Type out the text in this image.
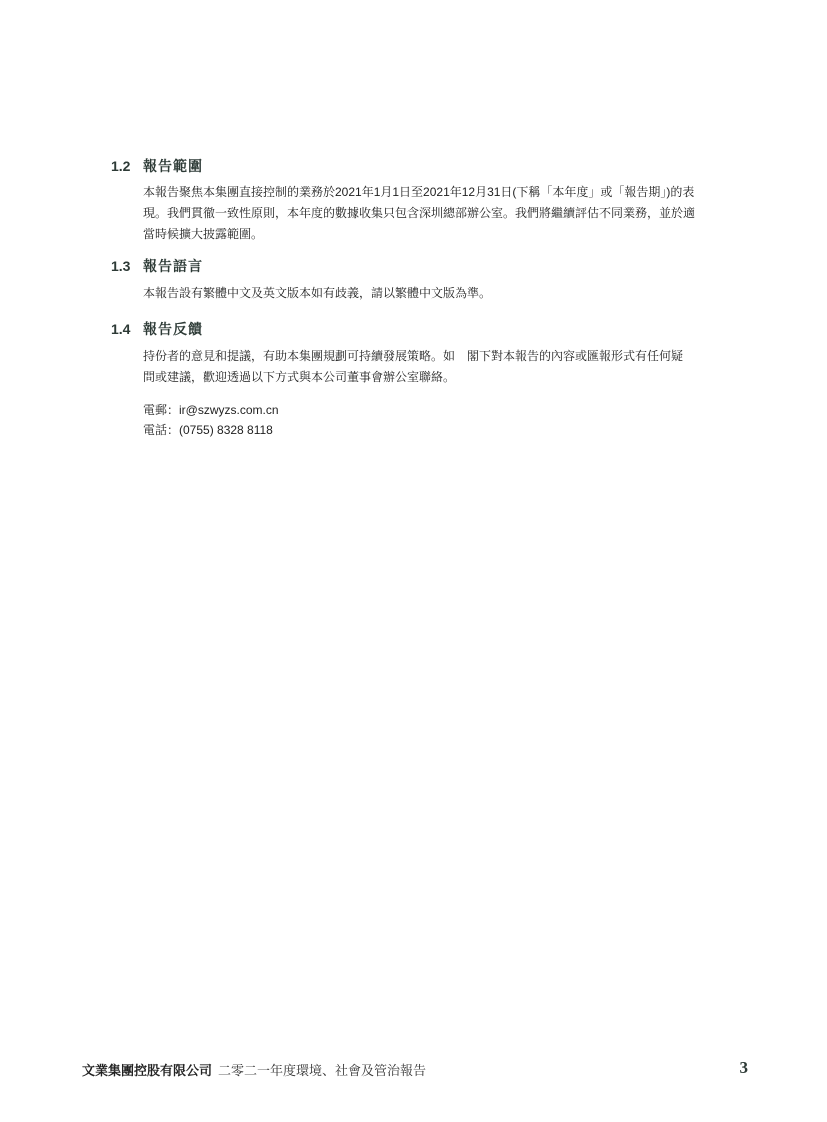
1.2 報告範圍

本報告聚焦本集團直接控制的業務於2021年1月1日至2021年12月31日(下稱「本年度」或「報告期」)的表

現。我們貫徹一致性原則，本年度的數據收集只包含深圳總部辦公室。我們將繼續評估不同業務，並於適

當時候擴大披露範圍。

1.3 報告語言

本報告設有繁體中文及英文版本如有歧義，請以繁體中文版為準。

1.4 報告反饋

持份者的意見和提議，有助本集團規劃可持續發展策略。如　閣下對本報告的內容或匯報形式有任何疑

問或建議，歡迎透過以下方式與本公司董事會辦公室聯絡。

電郵：ir@szwyzs.com.cn
電話：(0755) 8328 8118
文業集團控股有限公司 二零二一年度環境、社會及管治報告	3
